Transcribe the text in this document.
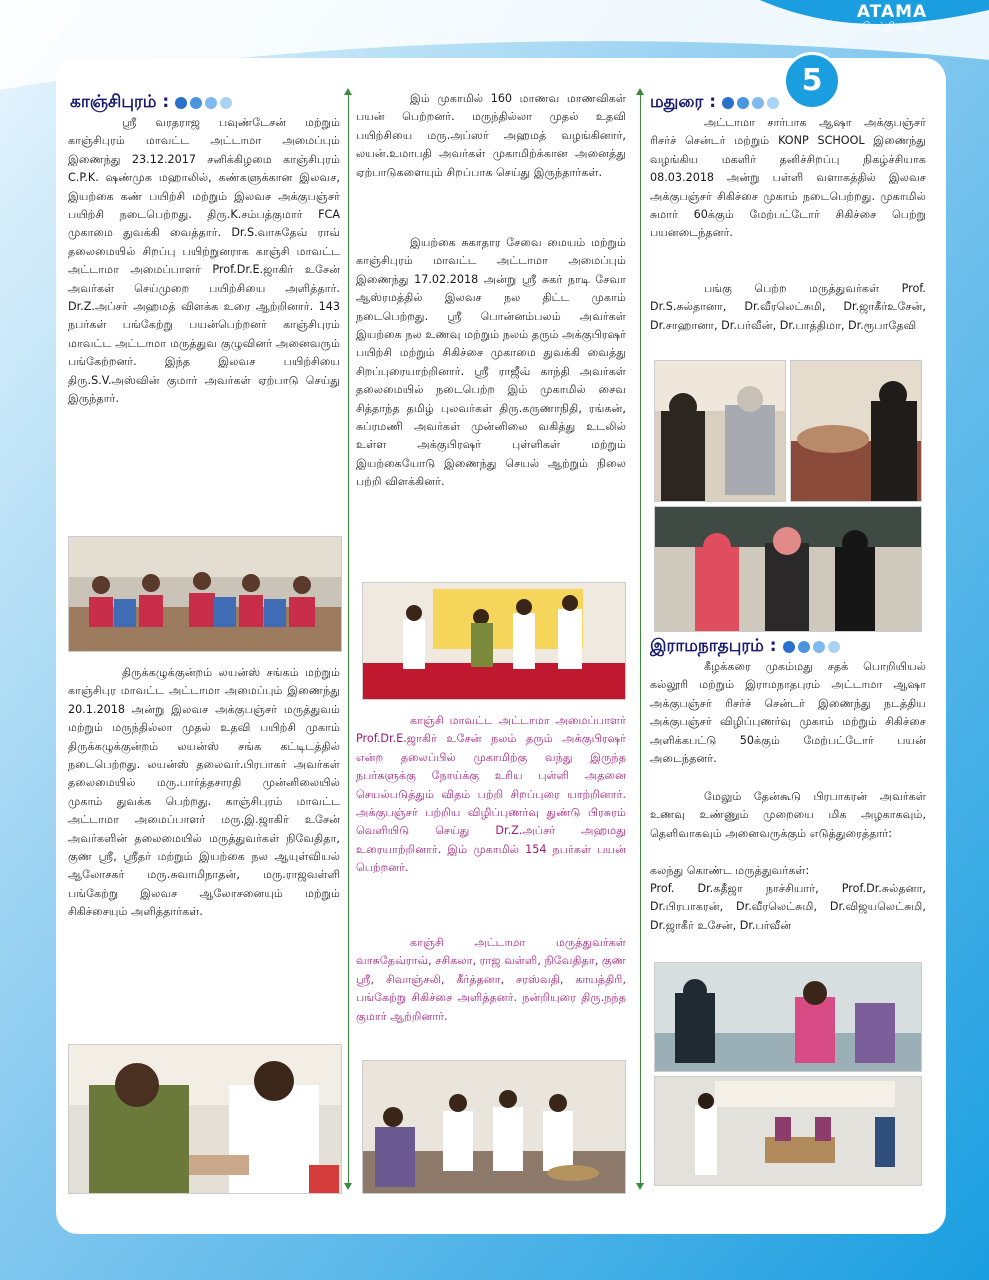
ATAMA
செய்தி மடல்
காஞ்சிபுரம் :

ஸ்ரீ வரதராஜ பவுண்டேசன் மற்றும் காஞ்சிபுரம் மாவட்ட அட்டாமா அமைப்பும் இணைந்து 23.12.2017 சனிக்கிழமை காஞ்சிபுரம் C.P.K. ஷண்முக மஹாலில், கண்களுக்கான இலவச, இயற்கை கண் பயிற்சி மற்றும் இலவச அக்குபஞ்சர் பயிற்சி நடைபெற்றது. திரு.K.சம்பத்குமார் FCA முகாமை துவக்கி வைத்தார். Dr.S.வாசுதேவ் ராவ் தலைமையில் சிறப்பு பயிற்றுனராக காஞ்சி மாவட்ட அட்டாமா அமைப்பாளர் Prof.Dr.E.ஜாகிர் உசேன் அவர்கள் செய்முறை பயிற்சியை அளித்தார். Dr.Z.அப்சர் அஹமத் விளக்க உரை ஆற்றினார். 143 நபர்கள் பங்கேற்று பயன்பெற்றனர் காஞ்சிபுரம் மாவட்ட அட்டாமா மருத்துவ குழுவினர் அனைவரும் பங்கேற்றனர். இந்த இலவச பயிற்சியை திரு.S.V.அஸ்வின் குமார் அவர்கள் ஏற்பாடு செய்து இருந்தார்.

திருக்கழுக்குன்றம் லயன்ஸ் சங்கம் மற்றும் காஞ்சிபுர மாவட்ட அட்டாமா அமைப்பும் இணைந்து 20.1.2018 அன்று இலவச அக்குபஞ்சர் மருத்துவம் மற்றும் மருந்தில்லா முதல் உதவி பயிற்சி முகாம் திருக்கழுக்குன்றம் லயன்ஸ் சங்க கட்டிடத்தில் நடைபெற்றது. லயன்ஸ் தலைவர்.பிரபாகர் அவர்கள் தலைமையில் மரு.பார்த்தசாரதி முன்னிலையில் முகாம் துவக்க பெற்றது. காஞ்சிபுரம் மாவட்ட அட்டாமா அமைப்பாளர் மரு.இ.ஜாகிர் உசேன் அவர்களின் தலைமையில் மருத்துவர்கள் நிவேதிதா, குண ஸ்ரீ, ஸ்ரீதர் மற்றும் இயற்கை நல ஆயுள்வியல் ஆலோசகர் மரு.சுவாமிநாதன், மரு.ராஜவள்ளி பங்கேற்று இலவச ஆலோசனையும் மற்றும் சிகிச்சையும் அளித்தார்கள்.

இம் முகாமில் 160 மாணவ மாணவிகள் பயன் பெற்றனர். மருந்தில்லா முதல் உதவி பயிற்சியை மரு.அப்ஸர் அஹமத் வழங்கினார், லயன்.உமாபதி அவர்கள் முகாமிற்க்கான அனைத்து ஏற்பாடுகளையும் சிறப்பாக செய்து இருந்தார்கள்.

இயற்கை சுகாதார சேவை மையம் மற்றும் காஞ்சிபுரம் மாவட்ட அட்டாமா அமைப்பும் இணைந்து 17.02.2018 அன்று ஸ்ரீ சுகர் நாடி சேவா ஆஸ்ரமத்தில் இலவச நல திட்ட முகாம் நடைபெற்றது. ஸ்ரீ பொன்னம்பலம் அவர்கள் இயற்கை நல உணவு மற்றும் நலம் தரும் அக்குபிரஷர் பயிற்சி மற்றும் சிகிச்சை முகாமை துவக்கி வைத்து சிறப்புரையாற்றினார். ஸ்ரீ ராஜீவ் காந்தி அவர்கள் தலைமையில் நடைபெற்ற இம் முகாமில் சைவ சித்தாந்த தமிழ் புலவர்கள் திரு.கருணாநிதி, ரங்கன், சுப்ரமணி அவர்கள் முன்னிலை வகித்து உடலில் உள்ள அக்குபிரஷர் புள்ளிகள் மற்றும் இயற்கையோடு இணைந்து செயல் ஆற்றும் நிலை பற்றி விளக்கினர்.

காஞ்சி மாவட்ட அட்டாமா அமைப்பாளர் Prof.Dr.E.ஜாகிர் உசேன் நலம் தரும் அக்குபிரஷர் என்ற தலைப்பில் முகாமிற்கு வந்து இருந்த நபர்களுக்கு நோய்க்கு உரிய புள்ளி அதனை செயல்படுத்தும் விதம் பற்றி சிறப்புரை யாற்றினார். அக்குபஞ்சர் பற்றிய விழிப்புணர்வு துண்டு பிரசுரம் வெளியிடு செய்து Dr.Z.அப்சர் அஹமது உரையாற்றினார். இம் முகாமில் 154 நபர்கள் பயன் பெற்றனர்.

காஞ்சி அட்டாமா மருத்துவர்கள் வாசுதேவ்ராவ், சசிகலா, ராஜ வள்ளி, நிவேதிதா, குண ஸ்ரீ, சிவாஞ்சலி, கீர்த்தனா, சரஸ்வதி, காயத்திரி, பங்கேற்று சிகிச்சை அளித்தனர். நன்றியுரை திரு.நந்த குமார் ஆற்றினார்.

மதுரை :

அட்டாமா சார்பாக ஆஷா அக்குபஞ்சர் ரிசர்ச் சென்டர் மற்றும் KONP SCHOOL இணைந்து வழங்கிய மகளிர் தனிச்சிறப்பு நிகழ்ச்சியாக 08.03.2018 அன்று பள்ளி வளாகத்தில் இலவச அக்குபஞ்சர் சிகிச்சை முகாம் நடைபெற்றது. முகாமில் சுமார் 60க்கும் மேற்பட்டோர் சிகிச்சை பெற்று பயனடைந்தனர்.

பங்கு பெற்ற மருத்துவர்கள் Prof. Dr.S.சுல்தானா, Dr.வீரலெட்சுமி, Dr.ஜாகீர்உசேன், Dr.சாஹானா, Dr.பர்வீன், Dr.பாத்திமா, Dr.ரூபாதேவி

இராமநாதபுரம் :

கீழக்கரை முகம்மது சதக் பொறியியல் கல்லூரி மற்றும் இராமநாதபுரம் அட்டாமா ஆஷா அக்குபஞ்சர் ரிசர்ச் சென்டர் இணைந்து நடத்திய அக்குபஞ்சர் விழிப்புணர்வு முகாம் மற்றும் சிகிச்சை அளிக்கபட்டு 50க்கும் மேற்பட்டோர் பயன் அடைந்தனர்.

மேலும் தேன்கூடு பிரபாகரன் அவர்கள் உணவு உண்ணும் முறையை மிக அழகாகவும், தெளிவாகவும் அனைவருக்கும் எடுத்துரைத்தார்:

கலந்து கொண்ட மருத்துவர்கள்:

Prof. Dr.கதீஜா நாச்சியார், Prof.Dr.சுல்தனா, Dr.பிரபாகரன், Dr.வீரலெட்சுமி, Dr.விஜயலெட்சுமி, Dr.ஜாகீர் உசேன், Dr.பர்வீன்

5
